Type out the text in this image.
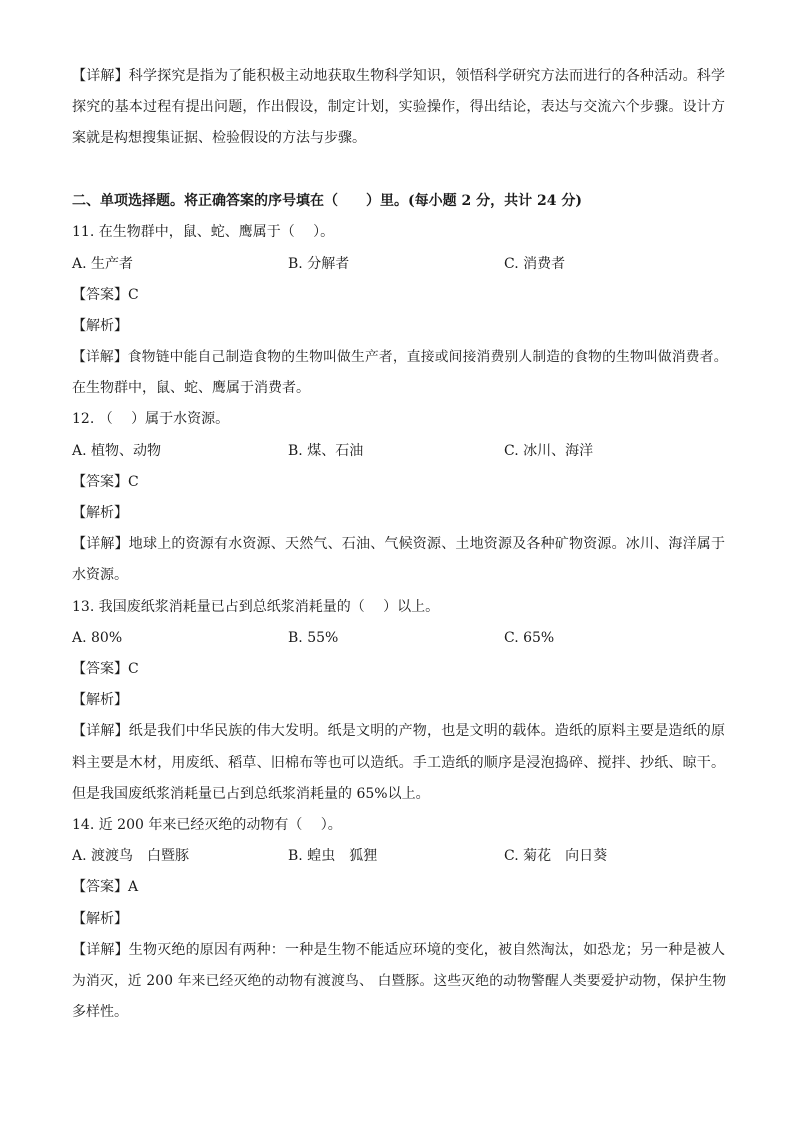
【详解】科学探究是指为了能积极主动地获取生物科学知识，领悟科学研究方法而进行的各种活动。科学
探究的基本过程有提出问题，作出假设，制定计划，实验操作，得出结论，表达与交流六个步骤。设计方
案就是构想搜集证据、检验假设的方法与步骤。
二、单项选择题。将正确答案的序号填在（　　）里。(每小题 2 分，共计 24 分)
11. 在生物群中，鼠、蛇、鹰属于（　 ）。
A. 生产者	B. 分解者	C. 消费者
【答案】C
【解析】
【详解】食物链中能自己制造食物的生物叫做生产者，直接或间接消费别人制造的食物的生物叫做消费者。
在生物群中，鼠、蛇、鹰属于消费者。
12. （　 ）属于水资源。
A. 植物、动物	B. 煤、石油	C. 冰川、海洋
【答案】C
【解析】
【详解】地球上的资源有水资源、天然气、石油、气候资源、土地资源及各种矿物资源。冰川、海洋属于
水资源。
13. 我国废纸浆消耗量已占到总纸浆消耗量的（　 ）以上。
A. 80%	B. 55%	C. 65%
【答案】C
【解析】
【详解】纸是我们中华民族的伟大发明。纸是文明的产物，也是文明的载体。造纸的原料主要是造纸的原
料主要是木材，用废纸、稻草、旧棉布等也可以造纸。手工造纸的顺序是浸泡捣碎、搅拌、抄纸、晾干。
但是我国废纸浆消耗量已占到总纸浆消耗量的 65%以上。
14. 近 200 年来已经灭绝的动物有（　 ）。
A. 渡渡鸟　白暨豚	B. 蝗虫　狐狸	C. 菊花　向日葵
【答案】A
【解析】
【详解】生物灭绝的原因有两种：一种是生物不能适应环境的变化，被自然淘汰，如恐龙；另一种是被人
为消灭，近 200 年来已经灭绝的动物有渡渡鸟、 白暨豚。这些灭绝的动物警醒人类要爱护动物，保护生物
多样性。
